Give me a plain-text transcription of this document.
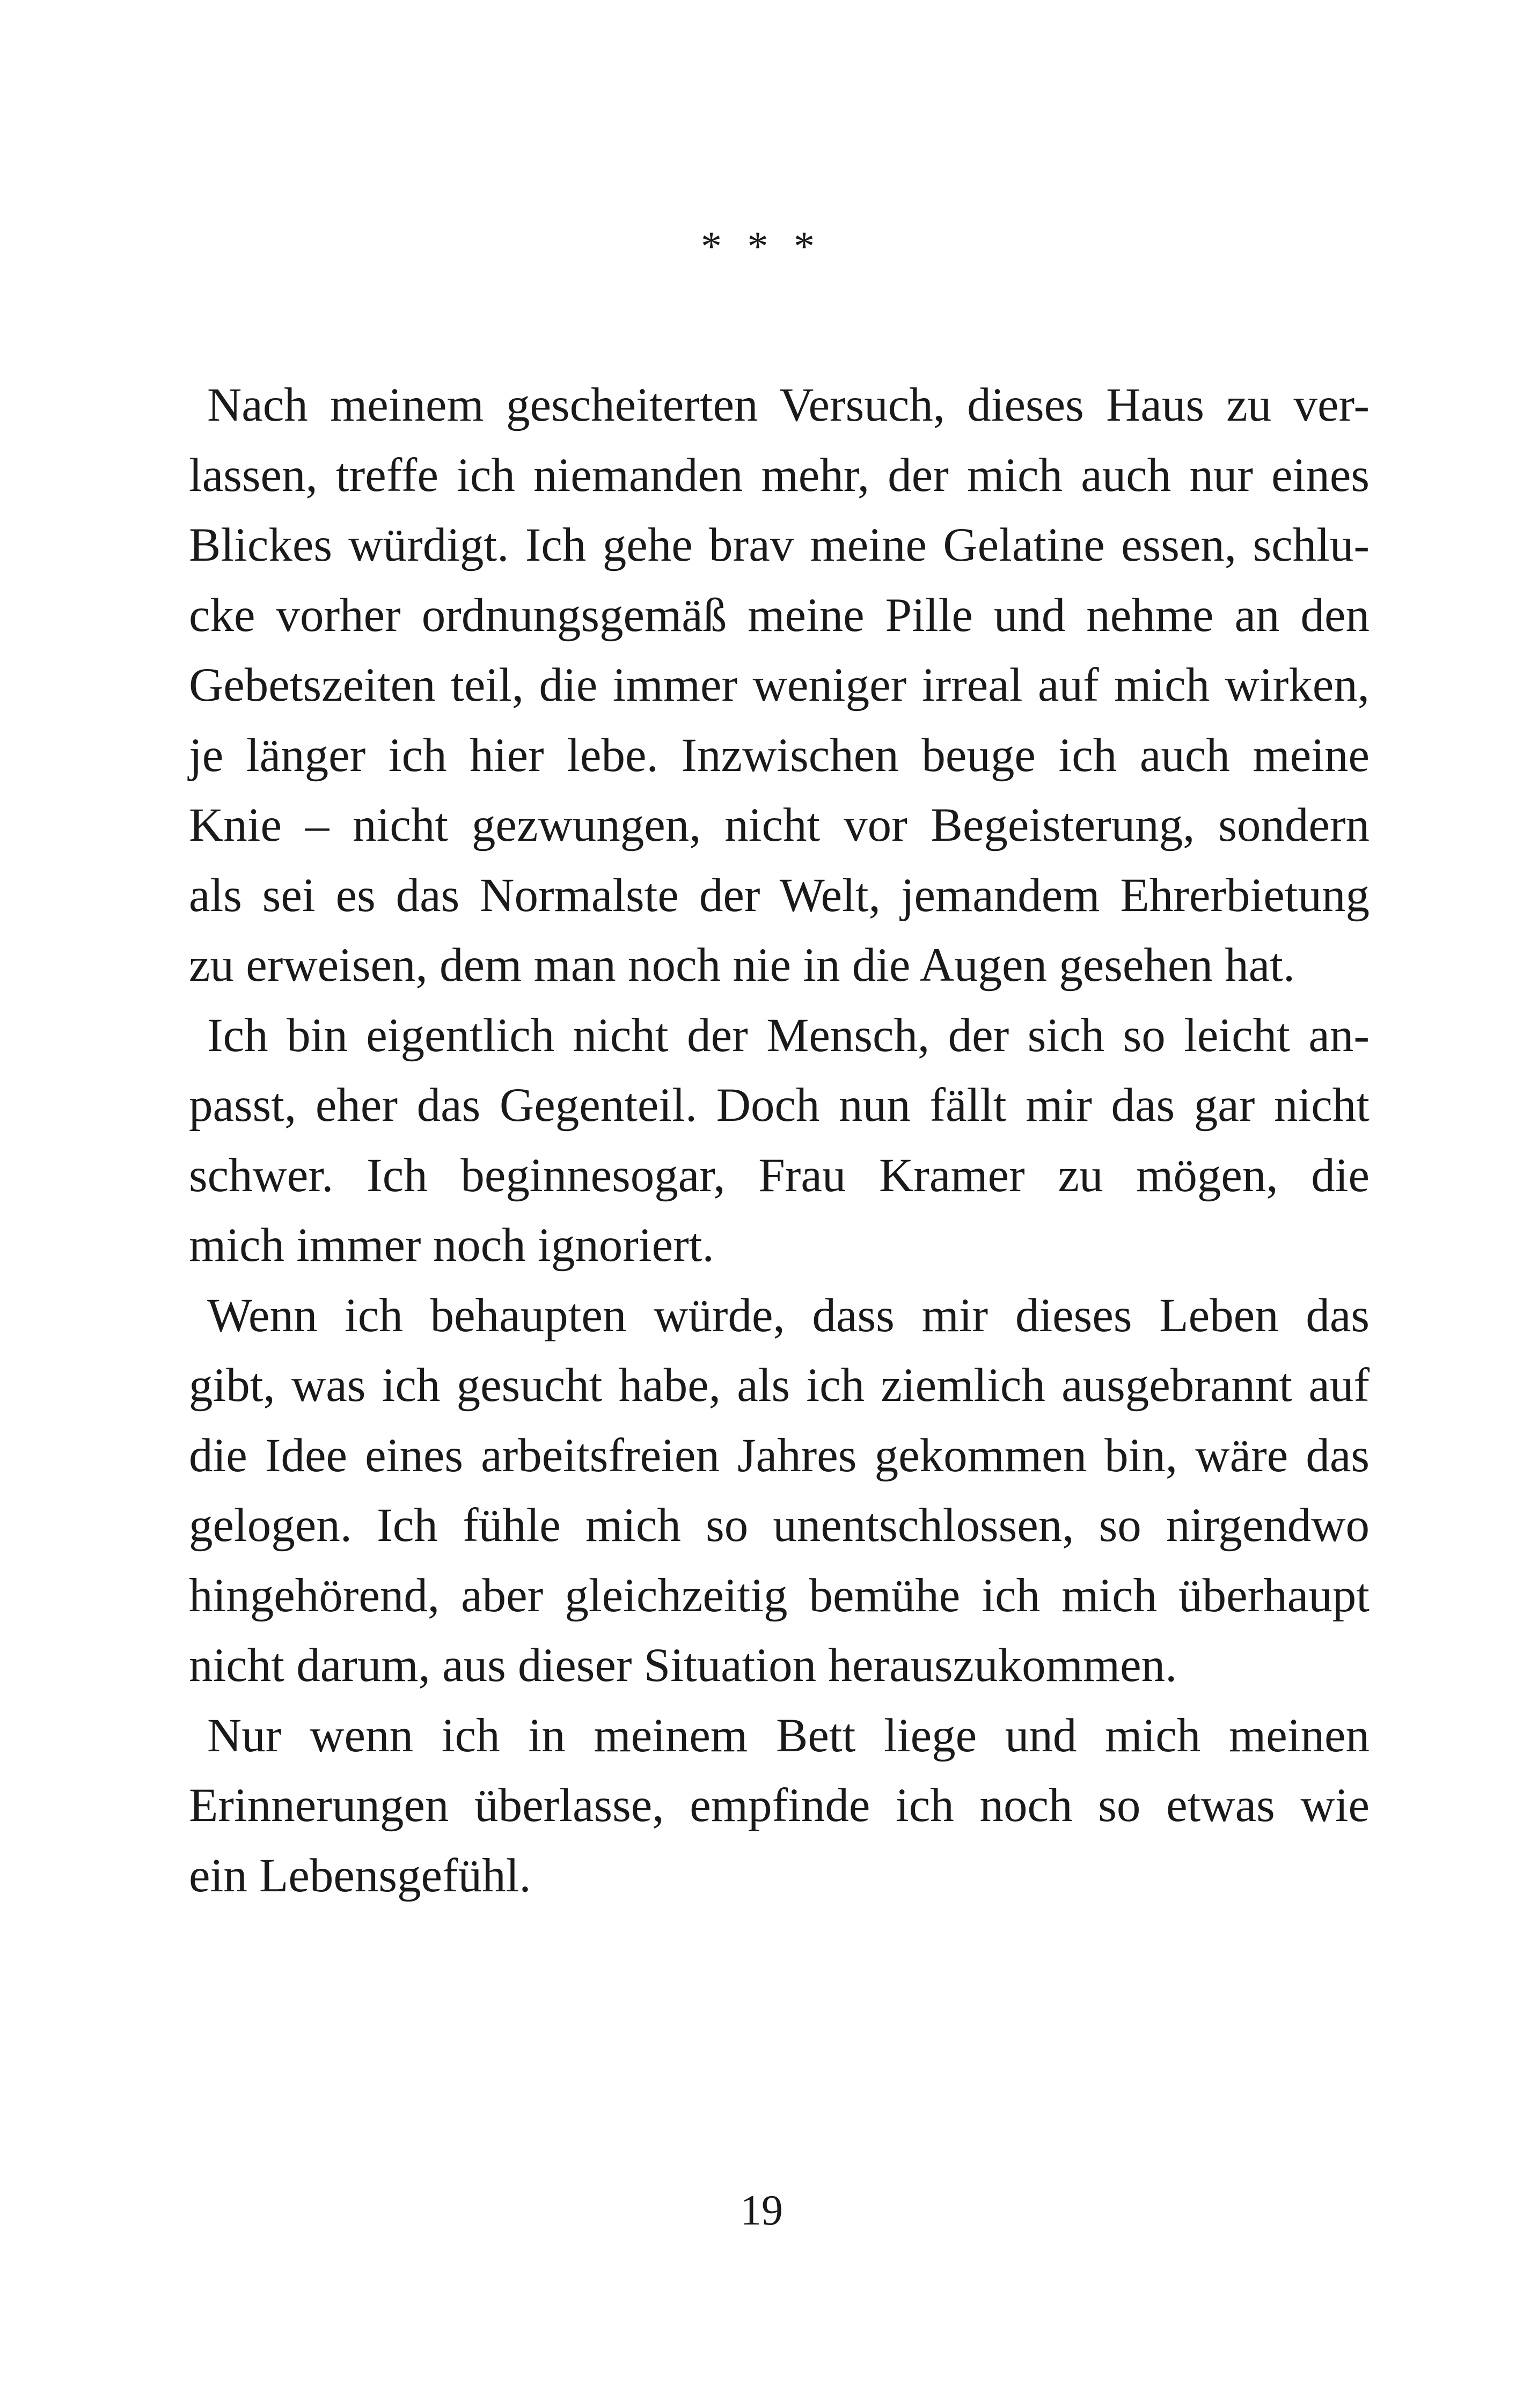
* * *
Nach meinem gescheiterten Versuch, dieses Haus zu ver-
lassen, treffe ich niemanden mehr, der mich auch nur eines
Blickes würdigt. Ich gehe brav meine Gelatine essen, schlu-
cke vorher ordnungsgemäß meine Pille und nehme an den
Gebetszeiten teil, die immer weniger irreal auf mich wirken,
je länger ich hier lebe. Inzwischen beuge ich auch meine
Knie – nicht gezwungen, nicht vor Begeisterung, sondern
als sei es das Normalste der Welt, jemandem Ehrerbietung
zu erweisen, dem man noch nie in die Augen gesehen hat.
Ich bin eigentlich nicht der Mensch, der sich so leicht an-
passt, eher das Gegenteil. Doch nun fällt mir das gar nicht
schwer. Ich beginnesogar, Frau Kramer zu mögen, die
mich immer noch ignoriert.
Wenn ich behaupten würde, dass mir dieses Leben das
gibt, was ich gesucht habe, als ich ziemlich ausgebrannt auf
die Idee eines arbeitsfreien Jahres gekommen bin, wäre das
gelogen. Ich fühle mich so unentschlossen, so nirgendwo
hingehörend, aber gleichzeitig bemühe ich mich überhaupt
nicht darum, aus dieser Situation herauszukommen.
Nur wenn ich in meinem Bett liege und mich meinen
Erinnerungen überlasse, empfinde ich noch so etwas wie
ein Lebensgefühl.
19
